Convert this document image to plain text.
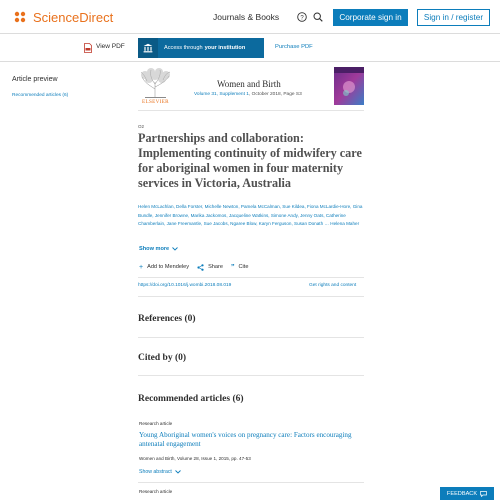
ScienceDirect	Journals & Books	?	Corporate sign in	Sign in / register
View PDF	Access through your institution	Purchase PDF
Article preview
Recommended articles (6)
ELSEVIER
Women and Birth
Volume 31, Supplement 1, October 2018, Page S3
O2
Partnerships and collaboration: Implementing continuity of midwifery care for aboriginal women in four maternity services in Victoria, Australia
Helen McLachlan, Della Forster, Michelle Newton, Pamela McCalman, Sue Kildea, Fiona McLardie-Hore, Gina Bundle, Jennifer Browne, Marika Jackomos, Jacqueline Watkins, Simone Andy, Jenny Oats, Catherine Chamberlain, Jane Freemantle, Sue Jacobs, Ngaree Blow, Karyn Ferguson, Susan Donath … Helena Maher
Show more
+ Add to Mendeley	Share ” Cite
https://doi.org/10.1016/j.wombi.2018.08.019	Get rights and content
References (0)
Cited by (0)
Recommended articles (6)
Research article
Young Aboriginal women's voices on pregnancy care: Factors encouraging antenatal engagement
Women and Birth, Volume 28, Issue 1, 2015, pp. 47-53
Show abstract
Research article	FEEDBACK
